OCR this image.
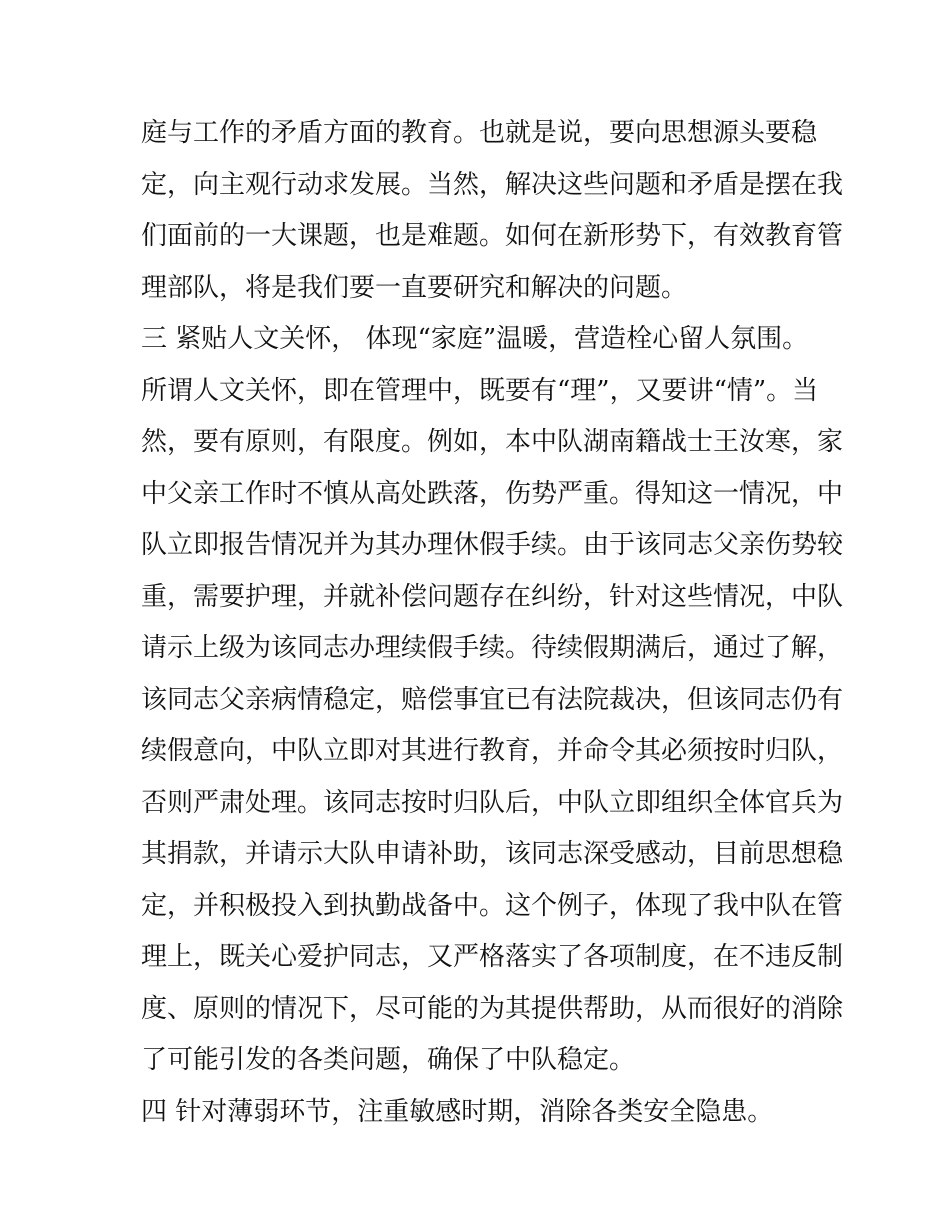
庭与工作的矛盾方面的教育。也就是说，要向思想源头要稳
定，向主观行动求发展。当然，解决这些问题和矛盾是摆在我
们面前的一大课题，也是难题。如何在新形势下，有效教育管
理部队，将是我们要一直要研究和解决的问题。
三 紧贴人文关怀， 体现“家庭”温暖，营造栓心留人氛围。
所谓人文关怀，即在管理中，既要有“理”，又要讲“情”。当
然，要有原则，有限度。例如，本中队湖南籍战士王汝寒，家
中父亲工作时不慎从高处跌落，伤势严重。得知这一情况，中
队立即报告情况并为其办理休假手续。由于该同志父亲伤势较
重，需要护理，并就补偿问题存在纠纷，针对这些情况，中队
请示上级为该同志办理续假手续。待续假期满后，通过了解，
该同志父亲病情稳定，赔偿事宜已有法院裁决，但该同志仍有
续假意向，中队立即对其进行教育，并命令其必须按时归队，
否则严肃处理。该同志按时归队后，中队立即组织全体官兵为
其捐款，并请示大队申请补助，该同志深受感动，目前思想稳
定，并积极投入到执勤战备中。这个例子，体现了我中队在管
理上，既关心爱护同志，又严格落实了各项制度，在不违反制
度、原则的情况下，尽可能的为其提供帮助，从而很好的消除
了可能引发的各类问题，确保了中队稳定。
四 针对薄弱环节，注重敏感时期，消除各类安全隐患。
